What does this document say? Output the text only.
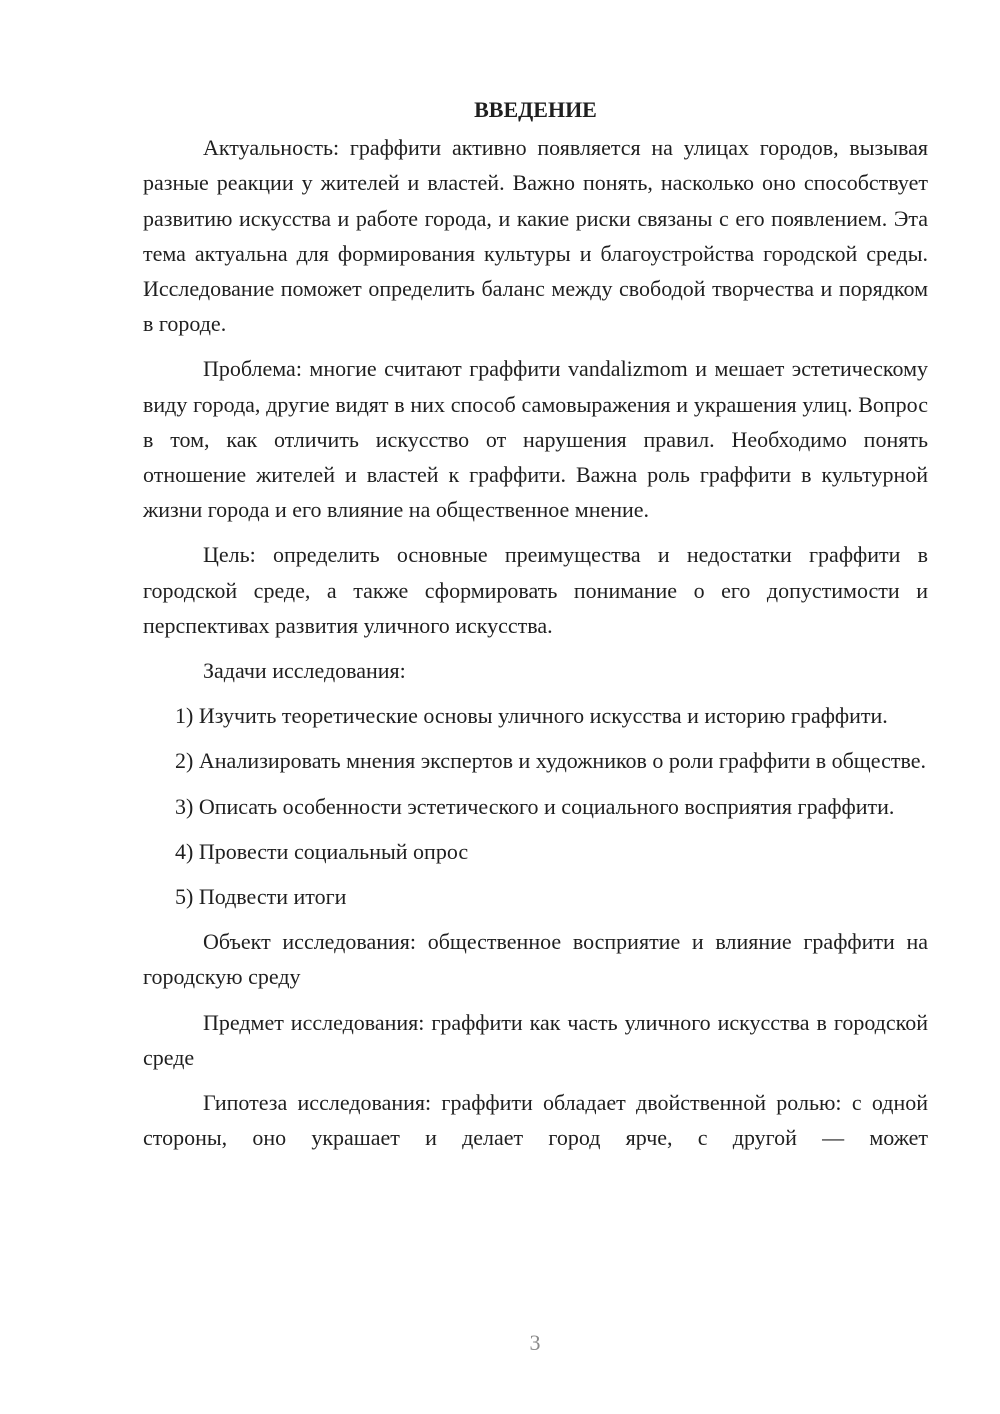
ВВЕДЕНИЕ

Актуальность: граффити активно появляется на улицах городов, вызывая разные реакции у жителей и властей. Важно понять, насколько оно способствует развитию искусства и работе города, и какие риски связаны с его появлением. Эта тема актуальна для формирования культуры и благоустройства городской среды. Исследование поможет определить баланс между свободой творчества и порядком в городе.

Проблема: многие считают граффити vandalizmom и мешает эстетическому виду города, другие видят в них способ самовыражения и украшения улиц. Вопрос в том, как отличить искусство от нарушения правил. Необходимо понять отношение жителей и властей к граффити. Важна роль граффити в культурной жизни города и его влияние на общественное мнение.

Цель: определить основные преимущества и недостатки граффити в городской среде, а также сформировать понимание о его допустимости и перспективах развития уличного искусства.

Задачи исследования:

1) Изучить теоретические основы уличного искусства и историю граффити.

2) Анализировать мнения экспертов и художников о роли граффити в обществе.

3) Описать особенности эстетического и социального восприятия граффити.

4) Провести социальный опрос

5) Подвести итоги

Объект исследования: общественное восприятие и влияние граффити на городскую среду

Предмет исследования: граффити как часть уличного искусства в городской среде

Гипотеза исследования: граффити обладает двойственной ролью: с одной стороны, оно украшает и делает город ярче, с другой — может

3
